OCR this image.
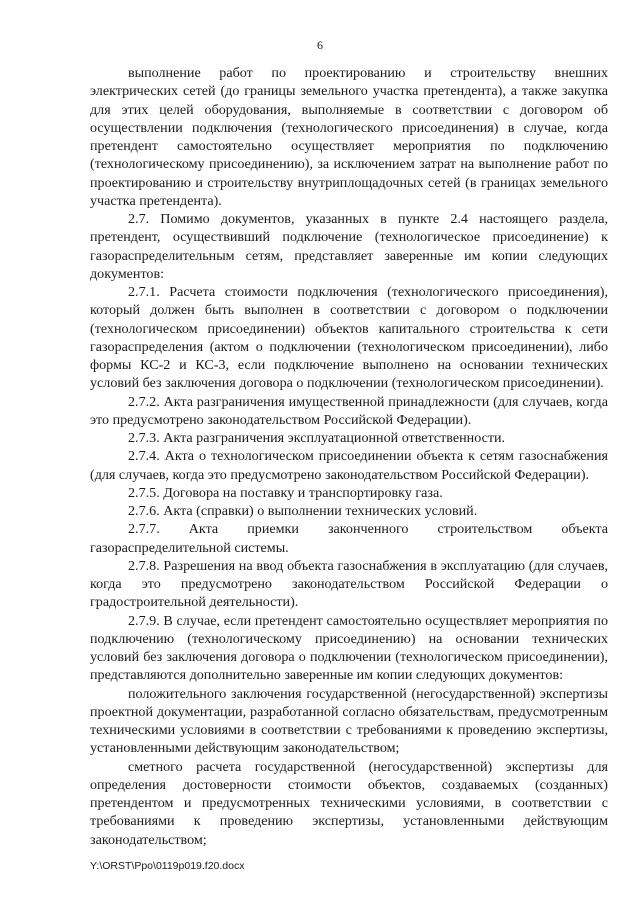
6

выполнение работ по проектированию и строительству внешних электрических сетей (до границы земельного участка претендента), а также закупка для этих целей оборудования, выполняемые в соответствии с договором об осуществлении подключения (технологического присоединения) в случае, когда претендент самостоятельно осуществляет мероприятия по подключению (технологическому присоединению), за исключением затрат на выполнение работ по проектированию и строительству внутриплощадочных сетей (в границах земельного участка претендента).

2.7. Помимо документов, указанных в пункте 2.4 настоящего раздела, претендент, осуществивший подключение (технологическое присоединение) к газораспределительным сетям, представляет заверенные им копии следующих документов:

2.7.1. Расчета стоимости подключения (технологического присоединения), который должен быть выполнен в соответствии с договором о подключении (технологическом присоединении) объектов капитального строительства к сети газораспределения (актом о подключении (технологическом присоединении), либо формы КС-2 и КС-3, если подключение выполнено на основании технических условий без заключения договора о подключении (технологическом присоединении).

2.7.2. Акта разграничения имущественной принадлежности (для случаев, когда это предусмотрено законодательством Российской Федерации).

2.7.3. Акта разграничения эксплуатационной ответственности.

2.7.4. Акта о технологическом присоединении объекта к сетям газоснабжения (для случаев, когда это предусмотрено законодательством Российской Федерации).

2.7.5. Договора на поставку и транспортировку газа.

2.7.6. Акта (справки) о выполнении технических условий.

2.7.7. Акта приемки законченного строительством объекта газораспределительной системы.

2.7.8. Разрешения на ввод объекта газоснабжения в эксплуатацию (для случаев, когда это предусмотрено законодательством Российской Федерации о градостроительной деятельности).

2.7.9. В случае, если претендент самостоятельно осуществляет мероприятия по подключению (технологическому присоединению) на основании технических условий без заключения договора о подключении (технологическом присоединении), представляются дополнительно заверенные им копии следующих документов:

положительного заключения государственной (негосударственной) экспертизы проектной документации, разработанной согласно обязательствам, предусмотренным техническими условиями в соответствии с требованиями к проведению экспертизы, установленными действующим законодательством;

сметного расчета государственной (негосударственной) экспертизы для определения достоверности стоимости объектов, создаваемых (созданных) претендентом и предусмотренных техническими условиями, в соответствии с требованиями к проведению экспертизы, установленными действующим законодательством;

Y:\ORST\Ppo\0119p019.f20.docx
